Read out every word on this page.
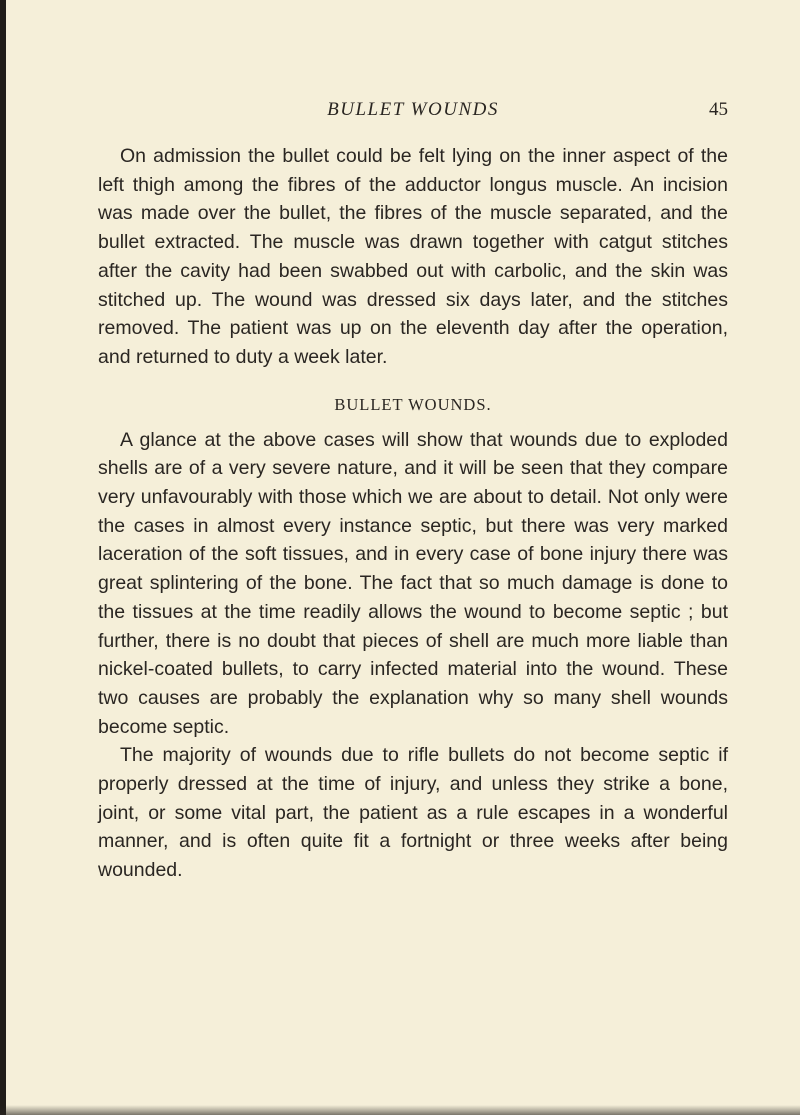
BULLET WOUNDS	45

On admission the bullet could be felt lying on the inner aspect of the left thigh among the fibres of the adductor longus muscle. An incision was made over the bullet, the fibres of the muscle separated, and the bullet extracted. The muscle was drawn together with catgut stitches after the cavity had been swabbed out with carbolic, and the skin was stitched up. The wound was dressed six days later, and the stitches removed. The patient was up on the eleventh day after the operation, and returned to duty a week later.

BULLET WOUNDS.

A glance at the above cases will show that wounds due to exploded shells are of a very severe nature, and it will be seen that they compare very unfavourably with those which we are about to detail. Not only were the cases in almost every instance septic, but there was very marked laceration of the soft tissues, and in every case of bone injury there was great splintering of the bone. The fact that so much damage is done to the tissues at the time readily allows the wound to become septic ; but further, there is no doubt that pieces of shell are much more liable than nickel-coated bullets, to carry infected material into the wound. These two causes are probably the explanation why so many shell wounds become septic.

The majority of wounds due to rifle bullets do not become septic if properly dressed at the time of injury, and unless they strike a bone, joint, or some vital part, the patient as a rule escapes in a wonderful manner, and is often quite fit a fortnight or three weeks after being wounded.
